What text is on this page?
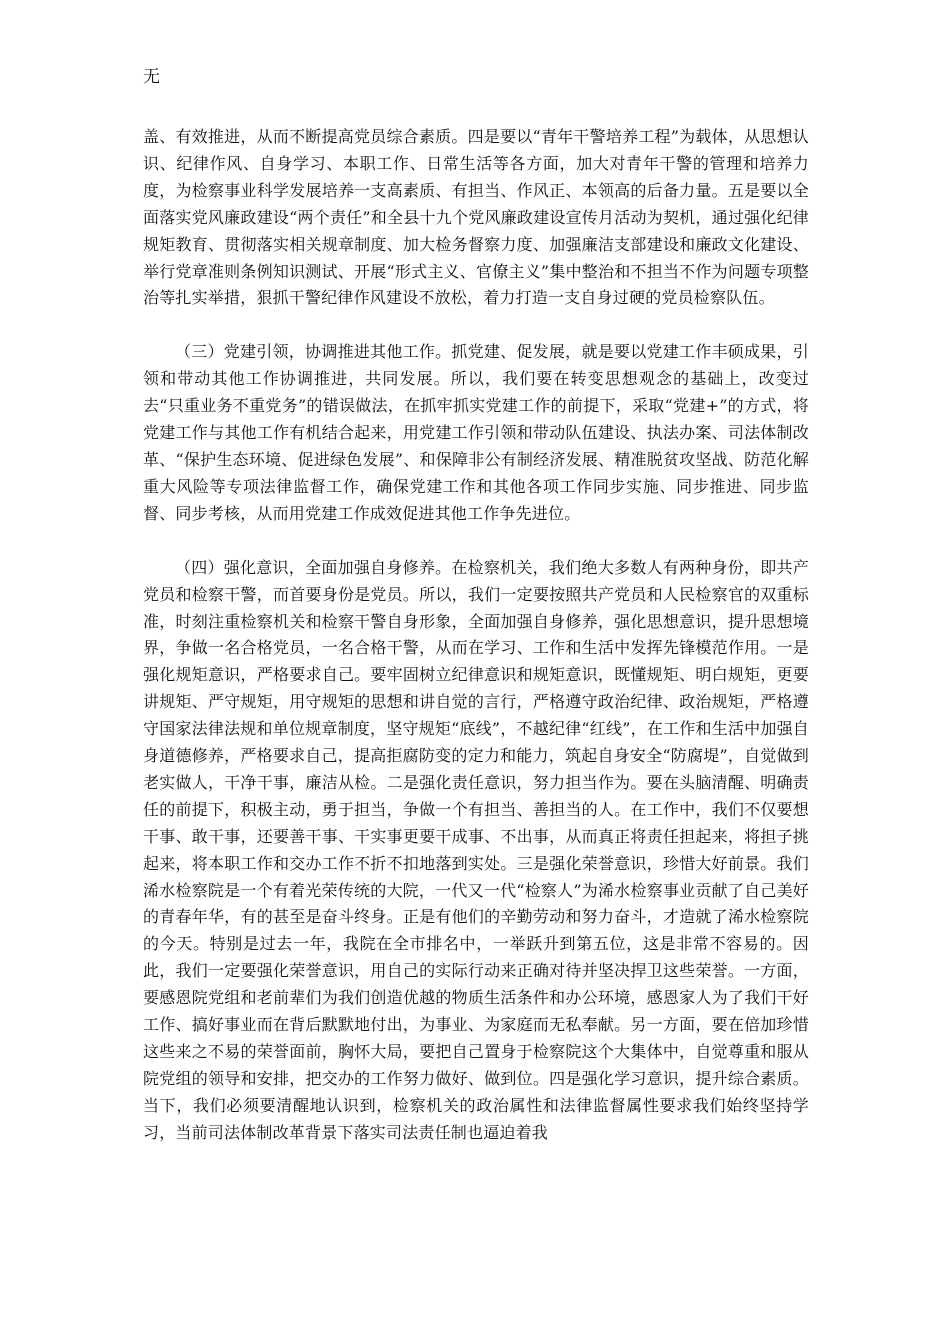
无

盖、有效推进，从而不断提高党员综合素质。四是要以“青年干警培养工程”为载体，从思想认识、纪律作风、自身学习、本职工作、日常生活等各方面，加大对青年干警的管理和培养力度，为检察事业科学发展培养一支高素质、有担当、作风正、本领高的后备力量。五是要以全面落实党风廉政建设“两个责任”和全县十九个党风廉政建设宣传月活动为契机，通过强化纪律规矩教育、贯彻落实相关规章制度、加大检务督察力度、加强廉洁支部建设和廉政文化建设、举行党章准则条例知识测试、开展“形式主义、官僚主义”集中整治和不担当不作为问题专项整治等扎实举措，狠抓干警纪律作风建设不放松，着力打造一支自身过硬的党员检察队伍。

（三）党建引领，协调推进其他工作。抓党建、促发展，就是要以党建工作丰硕成果，引领和带动其他工作协调推进，共同发展。所以，我们要在转变思想观念的基础上，改变过去“只重业务不重党务”的错误做法，在抓牢抓实党建工作的前提下，采取“党建+”的方式，将党建工作与其他工作有机结合起来，用党建工作引领和带动队伍建设、执法办案、司法体制改革、“保护生态环境、促进绿色发展”、和保障非公有制经济发展、精准脱贫攻坚战、防范化解重大风险等专项法律监督工作，确保党建工作和其他各项工作同步实施、同步推进、同步监督、同步考核，从而用党建工作成效促进其他工作争先进位。

（四）强化意识，全面加强自身修养。在检察机关，我们绝大多数人有两种身份，即共产党员和检察干警，而首要身份是党员。所以，我们一定要按照共产党员和人民检察官的双重标准，时刻注重检察机关和检察干警自身形象，全面加强自身修养，强化思想意识，提升思想境界，争做一名合格党员，一名合格干警，从而在学习、工作和生活中发挥先锋模范作用。一是强化规矩意识，严格要求自己。要牢固树立纪律意识和规矩意识，既懂规矩、明白规矩，更要讲规矩、严守规矩，用守规矩的思想和讲自觉的言行，严格遵守政治纪律、政治规矩，严格遵守国家法律法规和单位规章制度，坚守规矩“底线”，不越纪律“红线”，在工作和生活中加强自身道德修养，严格要求自己，提高拒腐防变的定力和能力，筑起自身安全“防腐堤”，自觉做到老实做人，干净干事，廉洁从检。二是强化责任意识，努力担当作为。要在头脑清醒、明确责任的前提下，积极主动，勇于担当，争做一个有担当、善担当的人。在工作中，我们不仅要想干事、敢干事，还要善干事、干实事更要干成事、不出事，从而真正将责任担起来，将担子挑起来，将本职工作和交办工作不折不扣地落到实处。三是强化荣誉意识，珍惜大好前景。我们浠水检察院是一个有着光荣传统的大院，一代又一代“检察人”为浠水检察事业贡献了自己美好的青春年华，有的甚至是奋斗终身。正是有他们的辛勤劳动和努力奋斗，才造就了浠水检察院的今天。特别是过去一年，我院在全市排名中，一举跃升到第五位，这是非常不容易的。因此，我们一定要强化荣誉意识，用自己的实际行动来正确对待并坚决捍卫这些荣誉。一方面，要感恩院党组和老前辈们为我们创造优越的物质生活条件和办公环境，感恩家人为了我们干好工作、搞好事业而在背后默默地付出，为事业、为家庭而无私奉献。另一方面，要在倍加珍惜这些来之不易的荣誉面前，胸怀大局，要把自己置身于检察院这个大集体中，自觉尊重和服从院党组的领导和安排，把交办的工作努力做好、做到位。四是强化学习意识，提升综合素质。当下，我们必须要清醒地认识到，检察机关的政治属性和法律监督属性要求我们始终坚持学习，当前司法体制改革背景下落实司法责任制也逼迫着我
